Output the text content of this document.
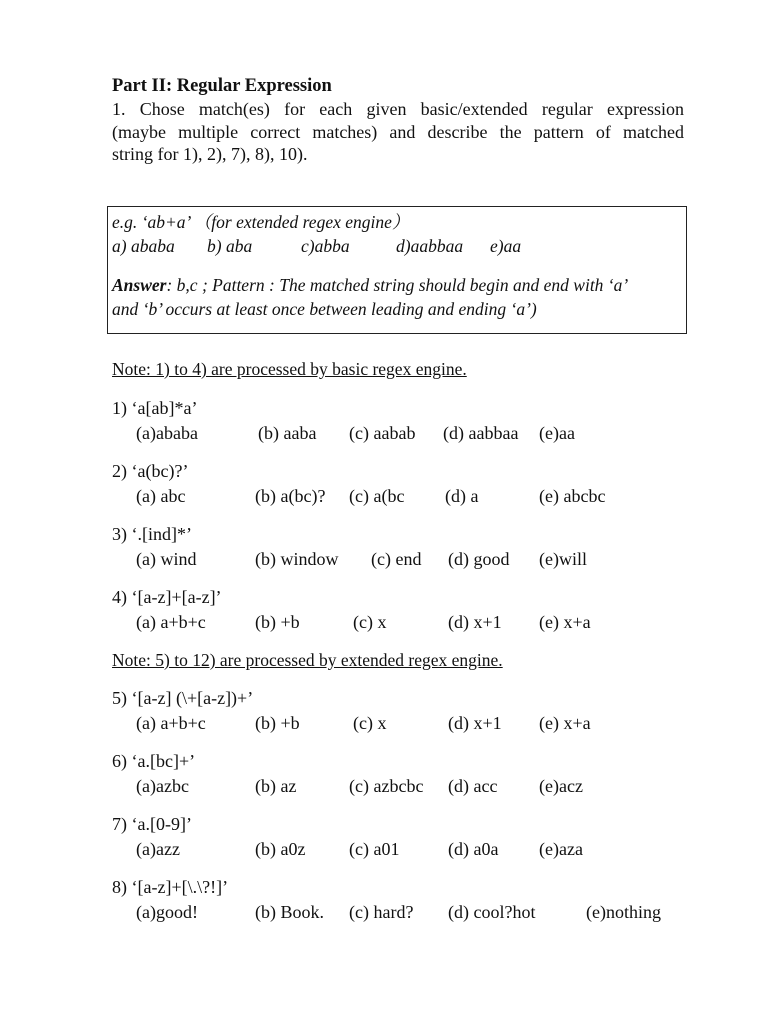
Part II: Regular Expression
1. Chose match(es) for each given basic/extended regular expression
(maybe multiple correct matches) and describe the pattern of matched
string for 1), 2), 7), 8), 10).
e.g. ‘ab+a’ （for extended regex engine）
a) ababa b) aba	c)abba	d)aabbaa e)aa
Answer: b,c ; Pattern : The matched string should begin and end with ‘a’
and ‘b’ occurs at least once between leading and ending ‘a’)
Note: 1) to 4) are processed by basic regex engine.
1) ‘a[ab]*a’
(a)ababa	(b) aaba (c) aabab (d) aabbaa (e)aa
2) ‘a(bc)?’
(a) abc	(b) a(bc)? (c) a(bc (d) a	(e) abcbc
3) ‘.[ind]*’
(a) wind	(b) window (c) end (d) good (e)will
4) ‘[a-z]+[a-z]’
(a) a+b+c	(b) +b	(c) x	(d) x+1 (e) x+a
Note: 5) to 12) are processed by extended regex engine.
5) ‘[a-z] (\+[a-z])+’
(a) a+b+c	(b) +b	(c) x	(d) x+1 (e) x+a
6) ‘a.[bc]+’
(a)azbc	(b) az	(c) azbcbc (d) acc (e)acz
7) ‘a.[0-9]’
(a)azz	(b) a0z (c) a01	(d) a0a (e)aza
8) ‘[a-z]+[\.\?!]’
(a)good!	(b) Book. (c) hard? (d) cool?hot	(e)nothing
